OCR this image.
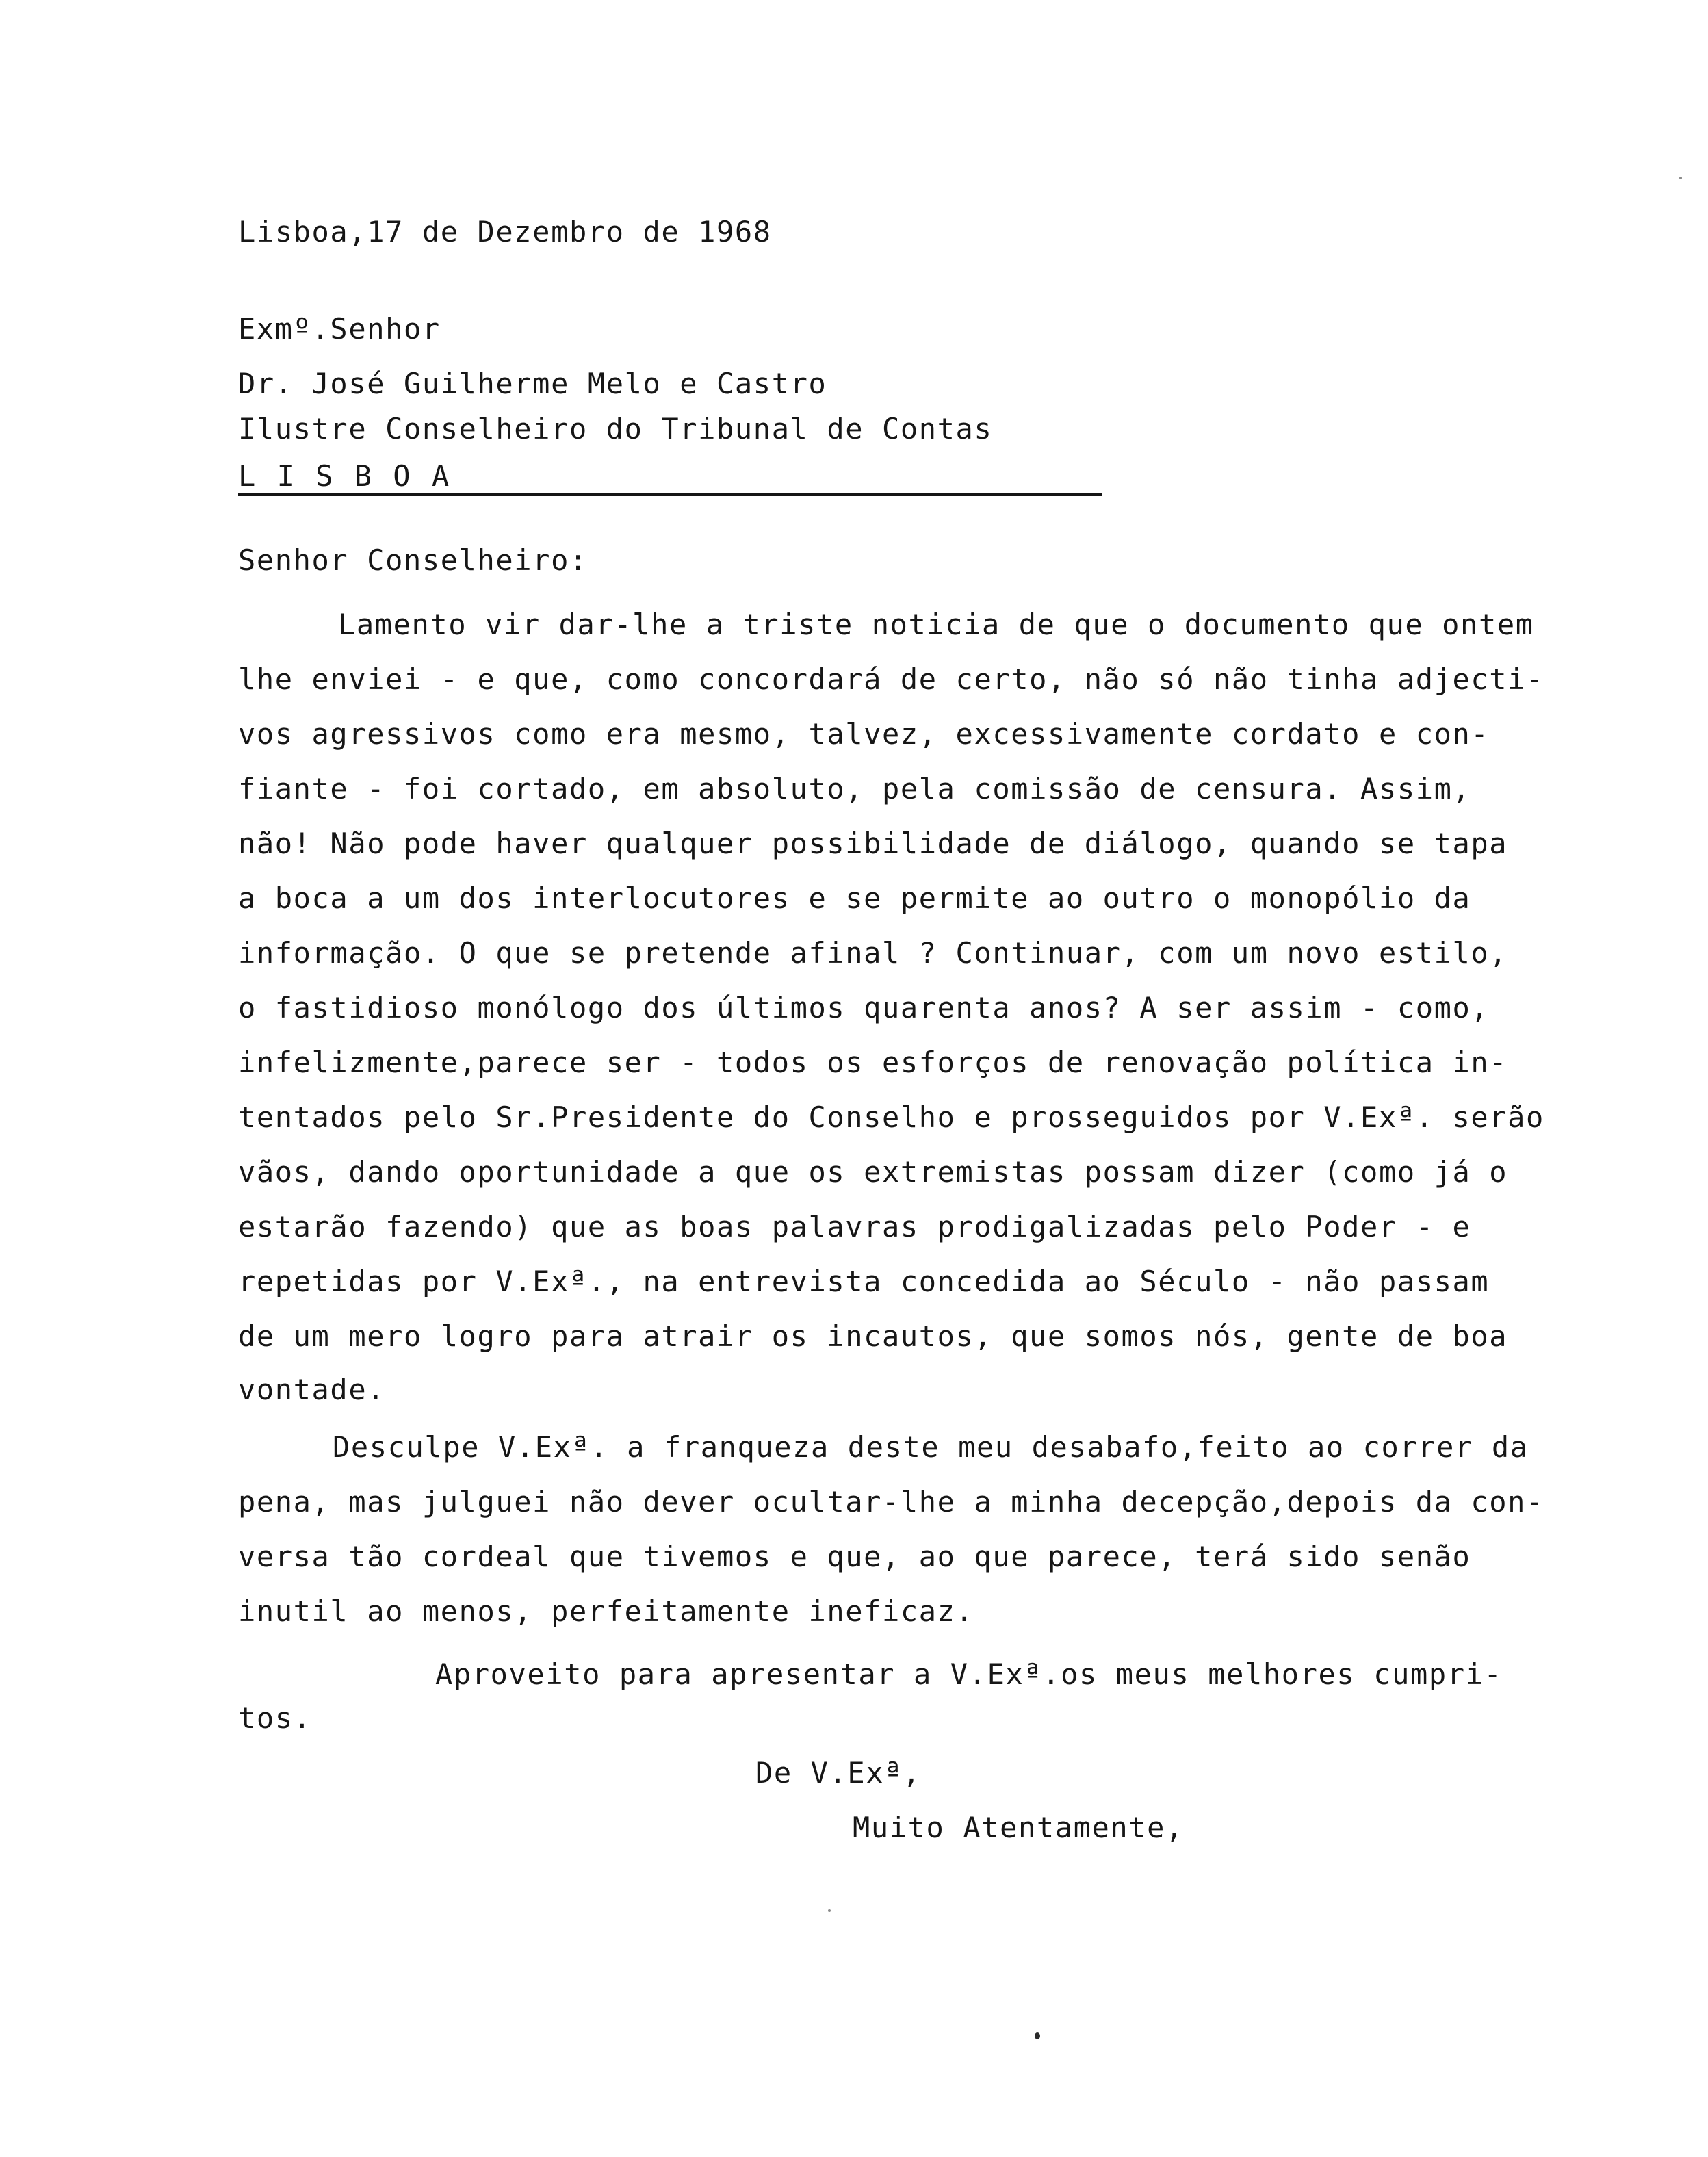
Lisboa,17 de Dezembro de 1968
Exmº.Senhor
Dr. José Guilherme Melo e Castro
Ilustre Conselheiro do Tribunal de Contas
L I S B O A
Senhor Conselheiro:
Lamento vir dar-lhe a triste noticia de que o documento que ontem
lhe enviei - e que, como concordará de certo, não só não tinha adjecti-
vos agressivos como era mesmo, talvez, excessivamente cordato e con-
fiante - foi cortado, em absoluto, pela comissão de censura. Assim,
não! Não pode haver qualquer possibilidade de diálogo, quando se tapa
a boca a um dos interlocutores e se permite ao outro o monopólio da
informação. O que se pretende afinal ? Continuar, com um novo estilo,
o fastidioso monólogo dos últimos quarenta anos? A ser assim - como,
infelizmente,parece ser - todos os esforços de renovação política in-
tentados pelo Sr.Presidente do Conselho e prosseguidos por V.Exª. serão
vãos, dando oportunidade a que os extremistas possam dizer (como já o
estarão fazendo) que as boas palavras prodigalizadas pelo Poder - e
repetidas por V.Exª., na entrevista concedida ao Século - não passam
de um mero logro para atrair os incautos, que somos nós, gente de boa
vontade.
Desculpe V.Exª. a franqueza deste meu desabafo,feito ao correr da
pena, mas julguei não dever ocultar-lhe a minha decepção,depois da con-
versa tão cordeal que tivemos e que, ao que parece, terá sido senão
inutil ao menos, perfeitamente ineficaz.
Aproveito para apresentar a V.Exª.os meus melhores cumpri-
tos.
De V.Exª,
Muito Atentamente,
